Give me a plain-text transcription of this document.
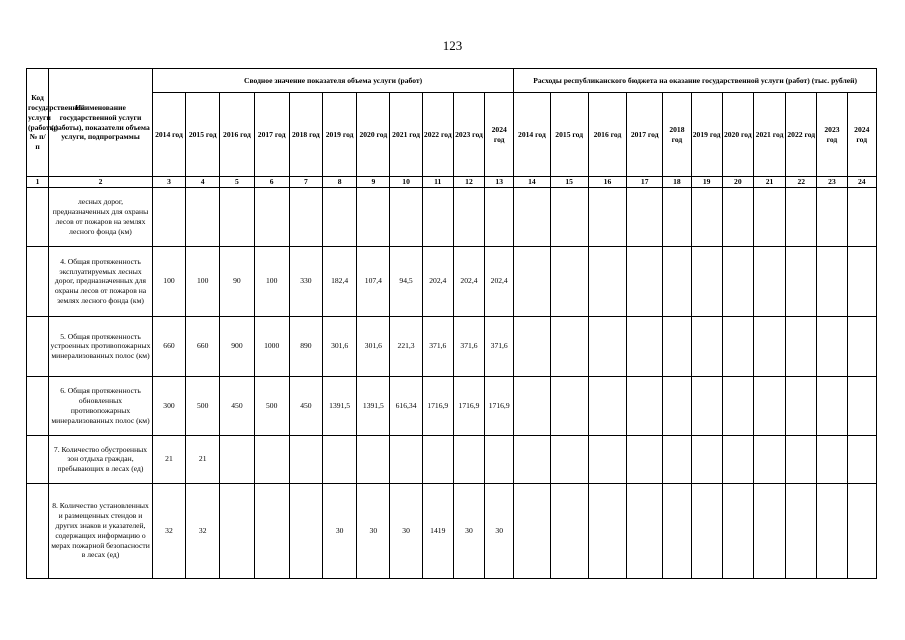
123
Код государственной услуги (работы) № п/п	Наименование государственной услуги (работы), показатели объема услуги, подпрограммы	Сводное значение показателя объема услуги (работ)											Расходы республиканского бюджета на оказание государственной услуги (работ) (тыс. рублей)										
		2014 год	2015 год	2016 год	2017 год	2018 год	2019 год	2020 год	2021 год	2022 год	2023 год	2024 год	2014 год	2015 год	2016 год	2017 год	2018 год	2019 год	2020 год	2021 год	2022 год	2023 год	2024 год
1	2	3	4	5	6	7	8	9	10	11	12	13	14	15	16	17	18	19	20	21	22	23	24
	лесных дорог, предназначенных для охраны лесов от пожаров на землях лесного фонда (км)																						
	4. Общая протяженность эксплуатируемых лесных дорог, предназначенных для охраны лесов от пожаров на землях лесного фонда (км)	100	100	90	100	330	182,4	107,4	94,5	202,4	202,4	202,4											
	5. Общая протяженность устроенных противопожарных минерализованных полос (км)	660	660	900	1000	890	301,6	301,6	221,3	371,6	371,6	371,6											
	6. Общая протяженность обновленных противопожарных минерализованных полос (км)	300	500	450	500	450	1391,5	1391,5	616,34	1716,9	1716,9	1716,9											
	7. Количество обустроенных зон отдыха граждан, пребывающих в лесах (ед)	21	21																				
	8. Количество установленных и размещенных стендов и других знаков и указателей, содержащих информацию о мерах пожарной безопасности в лесах (ед)	32	32				30	30	30	1419	30	30											
